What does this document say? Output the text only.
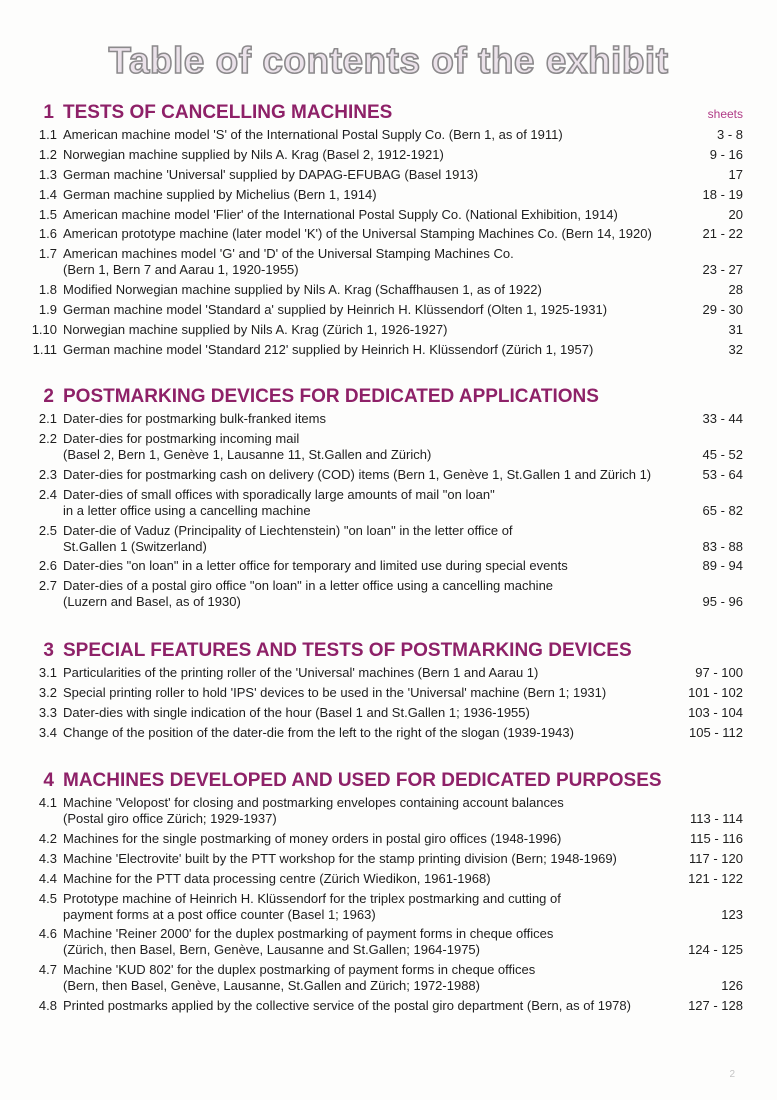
Table of contents of the exhibit
1 TESTS OF CANCELLING MACHINES	sheets
1.1 American machine model 'S' of the International Postal Supply Co. (Bern 1, as of 1911)	3 - 8
1.2 Norwegian machine supplied by Nils A. Krag (Basel 2, 1912-1921)	9 - 16
1.3 German machine 'Universal' supplied by DAPAG-EFUBAG (Basel 1913)	17
1.4 German machine supplied by Michelius (Bern 1, 1914)	18 - 19
1.5 American machine model 'Flier' of the International Postal Supply Co. (National Exhibition, 1914)	20
1.6 American prototype machine (later model 'K') of the Universal Stamping Machines Co. (Bern 14, 1920)	21 - 22
1.7 American machines model 'G' and 'D' of the Universal Stamping Machines Co.
(Bern 1, Bern 7 and Aarau 1, 1920-1955)	23 - 27
1.8 Modified Norwegian machine supplied by Nils A. Krag (Schaffhausen 1, as of 1922)	28
1.9 German machine model 'Standard a' supplied by Heinrich H. Klüssendorf (Olten 1, 1925-1931)	29 - 30
1.10 Norwegian machine supplied by Nils A. Krag (Zürich 1, 1926-1927)	31
1.11 German machine model 'Standard 212' supplied by Heinrich H. Klüssendorf (Zürich 1, 1957)	32
2 POSTMARKING DEVICES FOR DEDICATED APPLICATIONS
2.1 Dater-dies for postmarking bulk-franked items	33 - 44
2.2 Dater-dies for postmarking incoming mail
(Basel 2, Bern 1, Genève 1, Lausanne 11, St.Gallen and Zürich)	45 - 52
2.3 Dater-dies for postmarking cash on delivery (COD) items (Bern 1, Genève 1, St.Gallen 1 and Zürich 1)	53 - 64
2.4 Dater-dies of small offices with sporadically large amounts of mail "on loan"
in a letter office using a cancelling machine	65 - 82
2.5 Dater-die of Vaduz (Principality of Liechtenstein) "on loan" in the letter office of
St.Gallen 1 (Switzerland)	83 - 88
2.6 Dater-dies "on loan" in a letter office for temporary and limited use during special events	89 - 94
2.7 Dater-dies of a postal giro office "on loan" in a letter office using a cancelling machine
(Luzern and Basel, as of 1930)	95 - 96
3 SPECIAL FEATURES AND TESTS OF POSTMARKING DEVICES
3.1 Particularities of the printing roller of the 'Universal' machines (Bern 1 and Aarau 1)	97 - 100
3.2 Special printing roller to hold 'IPS' devices to be used in the 'Universal' machine (Bern 1; 1931)	101 - 102
3.3 Dater-dies with single indication of the hour (Basel 1 and St.Gallen 1; 1936-1955)	103 - 104
3.4 Change of the position of the dater-die from the left to the right of the slogan (1939-1943)	105 - 112
4 MACHINES DEVELOPED AND USED FOR DEDICATED PURPOSES
4.1 Machine 'Velopost' for closing and postmarking envelopes containing account balances
(Postal giro office Zürich; 1929-1937)	113 - 114
4.2 Machines for the single postmarking of money orders in postal giro offices (1948-1996)	115 - 116
4.3 Machine 'Electrovite' built by the PTT workshop for the stamp printing division (Bern; 1948-1969)	117 - 120
4.4 Machine for the PTT data processing centre (Zürich Wiedikon, 1961-1968)	121 - 122
4.5 Prototype machine of Heinrich H. Klüssendorf for the triplex postmarking and cutting of
payment forms at a post office counter (Basel 1; 1963)	123
4.6 Machine 'Reiner 2000' for the duplex postmarking of payment forms in cheque offices
(Zürich, then Basel, Bern, Genève, Lausanne and St.Gallen; 1964-1975)	124 - 125
4.7 Machine 'KUD 802' for the duplex postmarking of payment forms in cheque offices
(Bern, then Basel, Genève, Lausanne, St.Gallen and Zürich; 1972-1988)	126
4.8 Printed postmarks applied by the collective service of the postal giro department (Bern, as of 1978)	127 - 128
2
